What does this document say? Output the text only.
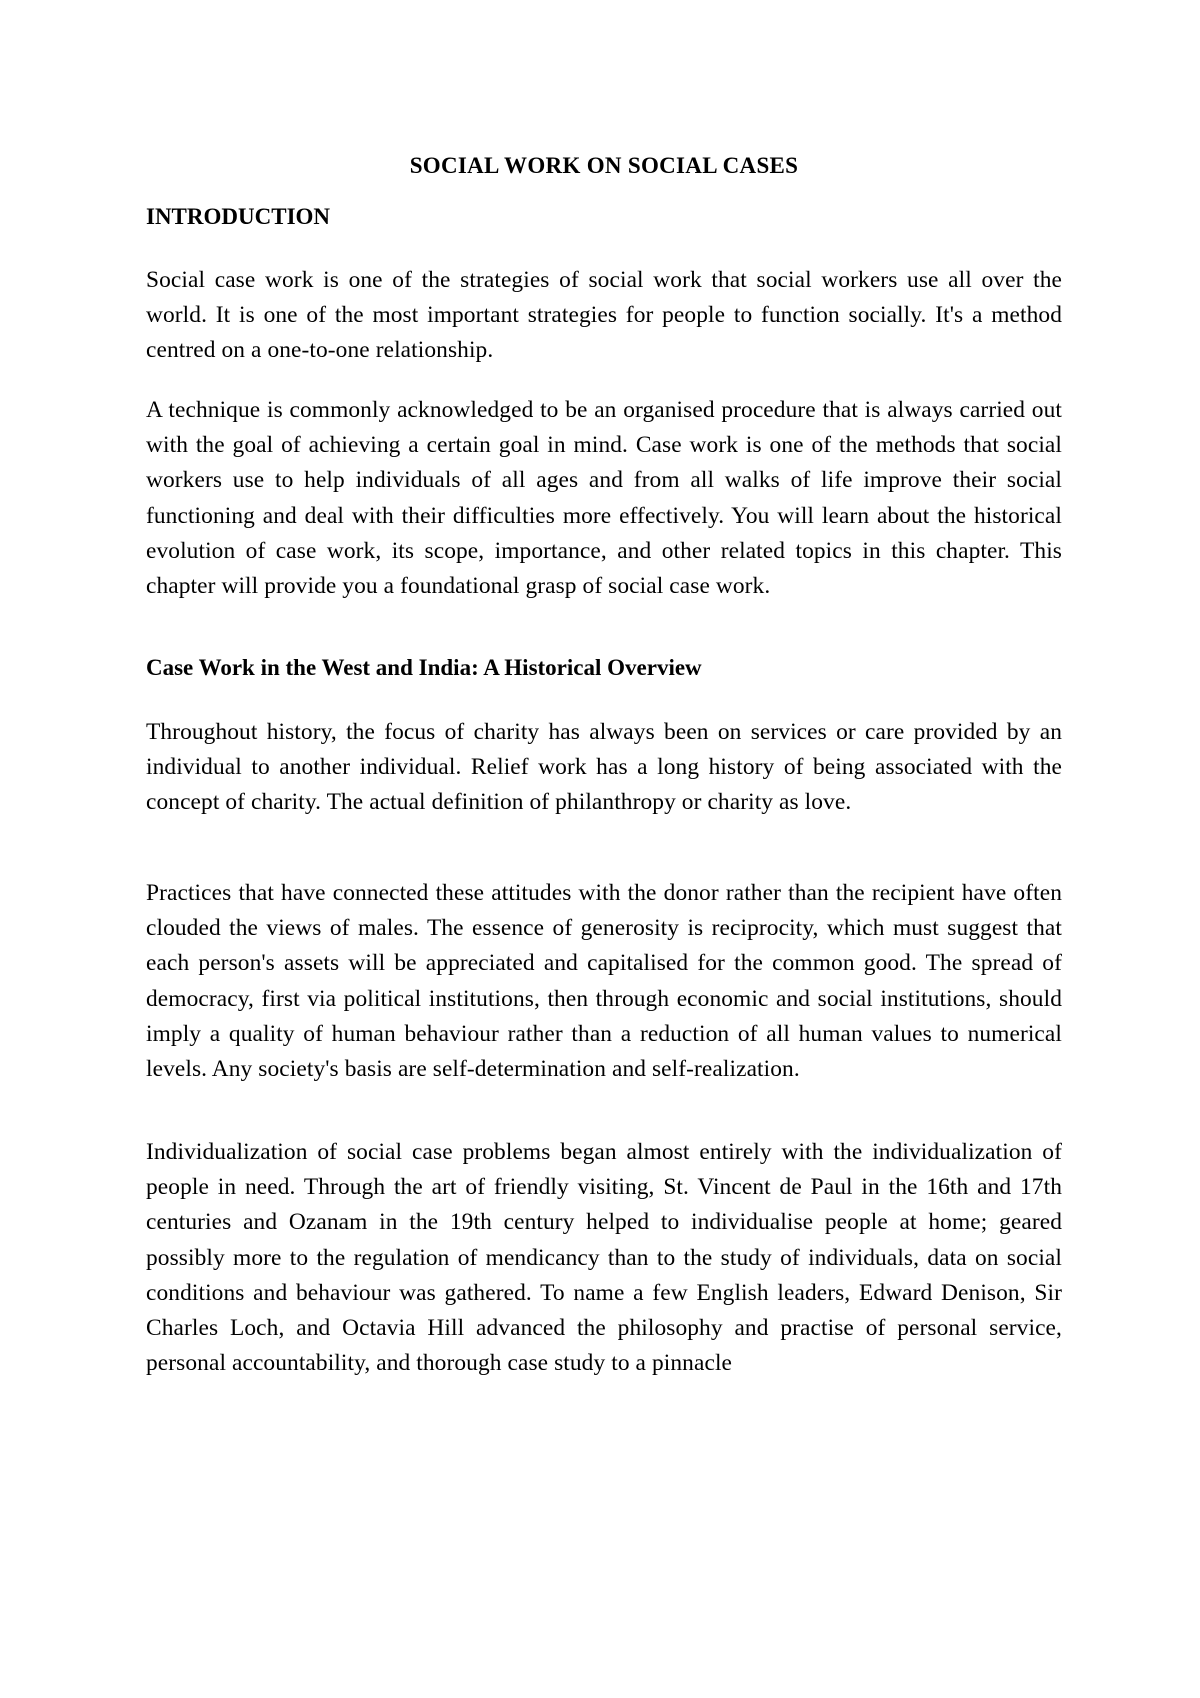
SOCIAL WORK ON SOCIAL CASES
INTRODUCTION

Social case work is one of the strategies of social work that social workers use all over the world. It is one of the most important strategies for people to function socially. It's a method centred on a one-to-one relationship.

A technique is commonly acknowledged to be an organised procedure that is always carried out with the goal of achieving a certain goal in mind. Case work is one of the methods that social workers use to help individuals of all ages and from all walks of life improve their social functioning and deal with their difficulties more effectively. You will learn about the historical evolution of case work, its scope, importance, and other related topics in this chapter. This chapter will provide you a foundational grasp of social case work.

Case Work in the West and India: A Historical Overview

Throughout history, the focus of charity has always been on services or care provided by an individual to another individual. Relief work has a long history of being associated with the concept of charity. The actual definition of philanthropy or charity as love.

Practices that have connected these attitudes with the donor rather than the recipient have often clouded the views of males. The essence of generosity is reciprocity, which must suggest that each person's assets will be appreciated and capitalised for the common good. The spread of democracy, first via political institutions, then through economic and social institutions, should imply a quality of human behaviour rather than a reduction of all human values to numerical levels. Any society's basis are self-determination and self-realization.

Individualization of social case problems began almost entirely with the individualization of people in need. Through the art of friendly visiting, St. Vincent de Paul in the 16th and 17th centuries and Ozanam in the 19th century helped to individualise people at home; geared possibly more to the regulation of mendicancy than to the study of individuals, data on social conditions and behaviour was gathered. To name a few English leaders, Edward Denison, Sir Charles Loch, and Octavia Hill advanced the philosophy and practise of personal service, personal accountability, and thorough case study to a pinnacle
